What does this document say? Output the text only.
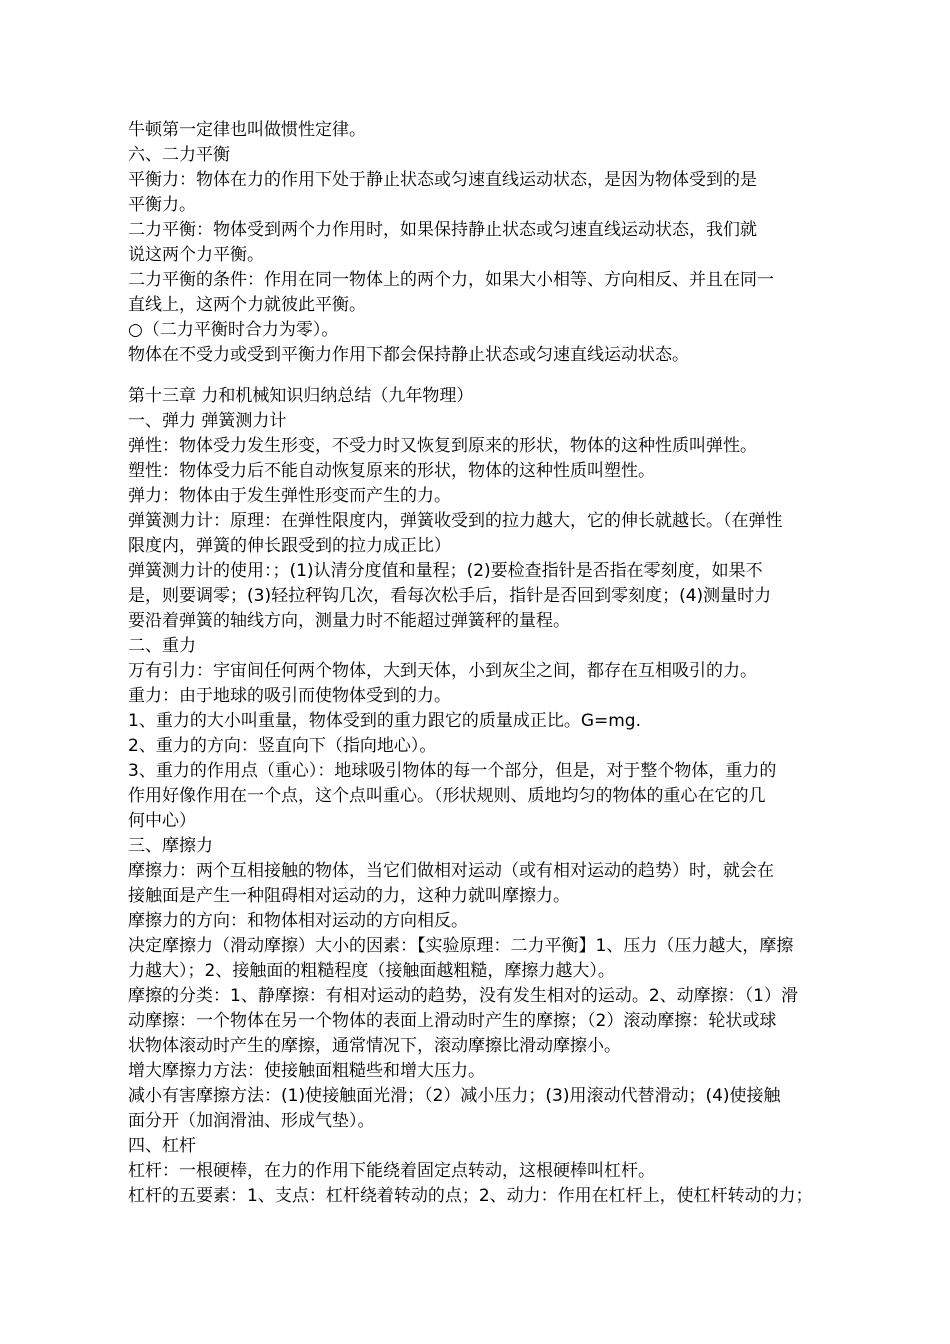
牛顿第一定律也叫做惯性定律。
六、二力平衡
平衡力：物体在力的作用下处于静止状态或匀速直线运动状态，是因为物体受到的是
平衡力。
二力平衡：物体受到两个力作用时，如果保持静止状态或匀速直线运动状态，我们就
说这两个力平衡。
二力平衡的条件：作用在同一物体上的两个力，如果大小相等、方向相反、并且在同一
直线上，这两个力就彼此平衡。
○（二力平衡时合力为零）。
物体在不受力或受到平衡力作用下都会保持静止状态或匀速直线运动状态。
第十三章 力和机械知识归纳总结（九年物理）
一、弹力 弹簧测力计
弹性：物体受力发生形变，不受力时又恢复到原来的形状，物体的这种性质叫弹性。
塑性：物体受力后不能自动恢复原来的形状，物体的这种性质叫塑性。
弹力：物体由于发生弹性形变而产生的力。
弹簧测力计：原理：在弹性限度内，弹簧收受到的拉力越大，它的伸长就越长。（在弹性
限度内，弹簧的伸长跟受到的拉力成正比）
弹簧测力计的使用：；(1)认清分度值和量程；(2)要检查指针是否指在零刻度，如果不
是，则要调零；(3)轻拉秤钩几次，看每次松手后，指针是否回到零刻度；(4)测量时力
要沿着弹簧的轴线方向，测量力时不能超过弹簧秤的量程。
二、重力
万有引力：宇宙间任何两个物体，大到天体，小到灰尘之间，都存在互相吸引的力。
重力：由于地球的吸引而使物体受到的力。
1、重力的大小叫重量，物体受到的重力跟它的质量成正比。G=mg.
2、重力的方向：竖直向下（指向地心）。
3、重力的作用点（重心）：地球吸引物体的每一个部分，但是，对于整个物体，重力的
作用好像作用在一个点，这个点叫重心。（形状规则、质地均匀的物体的重心在它的几
何中心）
三、摩擦力
摩擦力：两个互相接触的物体，当它们做相对运动（或有相对运动的趋势）时，就会在
接触面是产生一种阻碍相对运动的力，这种力就叫摩擦力。
摩擦力的方向：和物体相对运动的方向相反。
决定摩擦力（滑动摩擦）大小的因素：【实验原理：二力平衡】1、压力（压力越大，摩擦
力越大）；2、接触面的粗糙程度（接触面越粗糙，摩擦力越大）。
摩擦的分类：1、静摩擦：有相对运动的趋势，没有发生相对的运动。2、动摩擦：（1）滑
动摩擦：一个物体在另一个物体的表面上滑动时产生的摩擦；（2）滚动摩擦：轮状或球
状物体滚动时产生的摩擦，通常情况下，滚动摩擦比滑动摩擦小。
增大摩擦力方法：使接触面粗糙些和增大压力。
减小有害摩擦方法：(1)使接触面光滑；（2）减小压力；(3)用滚动代替滑动；(4)使接触
面分开（加润滑油、形成气垫）。
四、杠杆
杠杆：一根硬棒，在力的作用下能绕着固定点转动，这根硬棒叫杠杆。
杠杆的五要素：1、支点：杠杆绕着转动的点；2、动力：作用在杠杆上，使杠杆转动的力；
